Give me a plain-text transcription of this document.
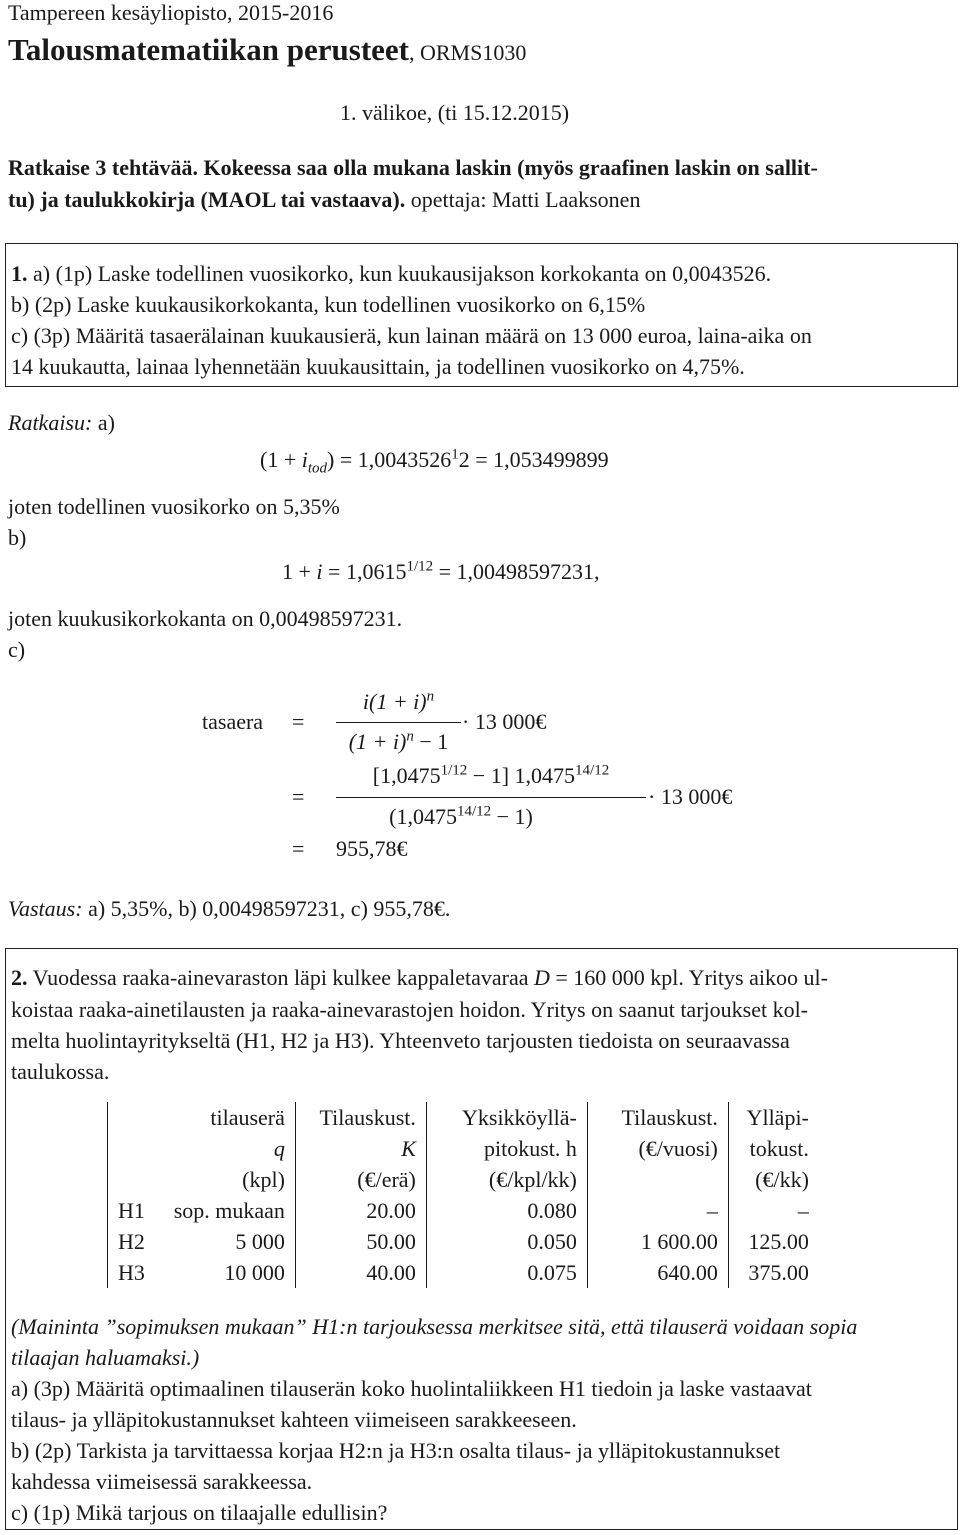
Tampereen kesäyliopisto, 2015-2016
Talousmatematiikan perusteet, ORMS1030
1. välikoe, (ti 15.12.2015)
Ratkaise 3 tehtävää. Kokeessa saa olla mukana laskin (myös graafinen laskin on sallit-
tu) ja taulukkokirja (MAOL tai vastaava). opettaja: Matti Laaksonen
1. a) (1p) Laske todellinen vuosikorko, kun kuukausijakson korkokanta on 0,0043526.
b) (2p) Laske kuukausikorkokanta, kun todellinen vuosikorko on 6,15%
c) (3p) Määritä tasaerälainan kuukausierä, kun lainan määrä on 13 000 euroa, laina-aika on
14 kuukautta, lainaa lyhennetään kuukausittain, ja todellinen vuosikorko on 4,75%.
Ratkaisu: a)
$(1 + i_{tod}) = 1,0043526^12 = 1,053499899$
joten todellinen vuosikorko on 5,35%
b)
$1 + i = 1,0615^{1/12} = 1,00498597231$,
joten kuukusikorkokanta on 0,00498597231.
c)
tasaera =
$i(1 + i)^n$
$(1 + i)^n - 1$
· 13 000€
=
$[1,0475^{1/12} - 1]$ $1,0475^{14/12}$
$(1,0475^{14/12} - 1)$
· 13 000€
= 955,78€
Vastaus: a) 5,35%, b) 0,00498597231, c) 955,78€.
2. Vuodessa raaka-ainevaraston läpi kulkee kappaletavaraa D = 160 000 kpl. Yritys aikoo ul-
koistaa raaka-ainetilausten ja raaka-ainevarastojen hoidon. Yritys on saanut tarjoukset kol-
melta huolintayritykseltä (H1, H2 ja H3). Yhteenveto tarjousten tiedoista on seuraavassa
taulukossa.
	tilauserä	Tilauskust.	Yksikköyllä-	Tilauskust.	Ylläpi-
	q	K	pitokust. h	(€/vuosi)	tokust.
	(kpl)	(€/erä)	(€/kpl/kk)		(€/kk)
H1	sop. mukaan	20.00	0.080	–	–
H2	5 000	50.00	0.050	1 600.00	125.00
H3	10 000	40.00	0.075	640.00	375.00
(Maininta ”sopimuksen mukaan” H1:n tarjouksessa merkitsee sitä, että tilauserä voidaan sopia
tilaajan haluamaksi.)
a) (3p) Määritä optimaalinen tilauserän koko huolintaliikkeen H1 tiedoin ja laske vastaavat
tilaus- ja ylläpitokustannukset kahteen viimeiseen sarakkeeseen.
b) (2p) Tarkista ja tarvittaessa korjaa H2:n ja H3:n osalta tilaus- ja ylläpitokustannukset
kahdessa viimeisessä sarakkeessa.
c) (1p) Mikä tarjous on tilaajalle edullisin?
